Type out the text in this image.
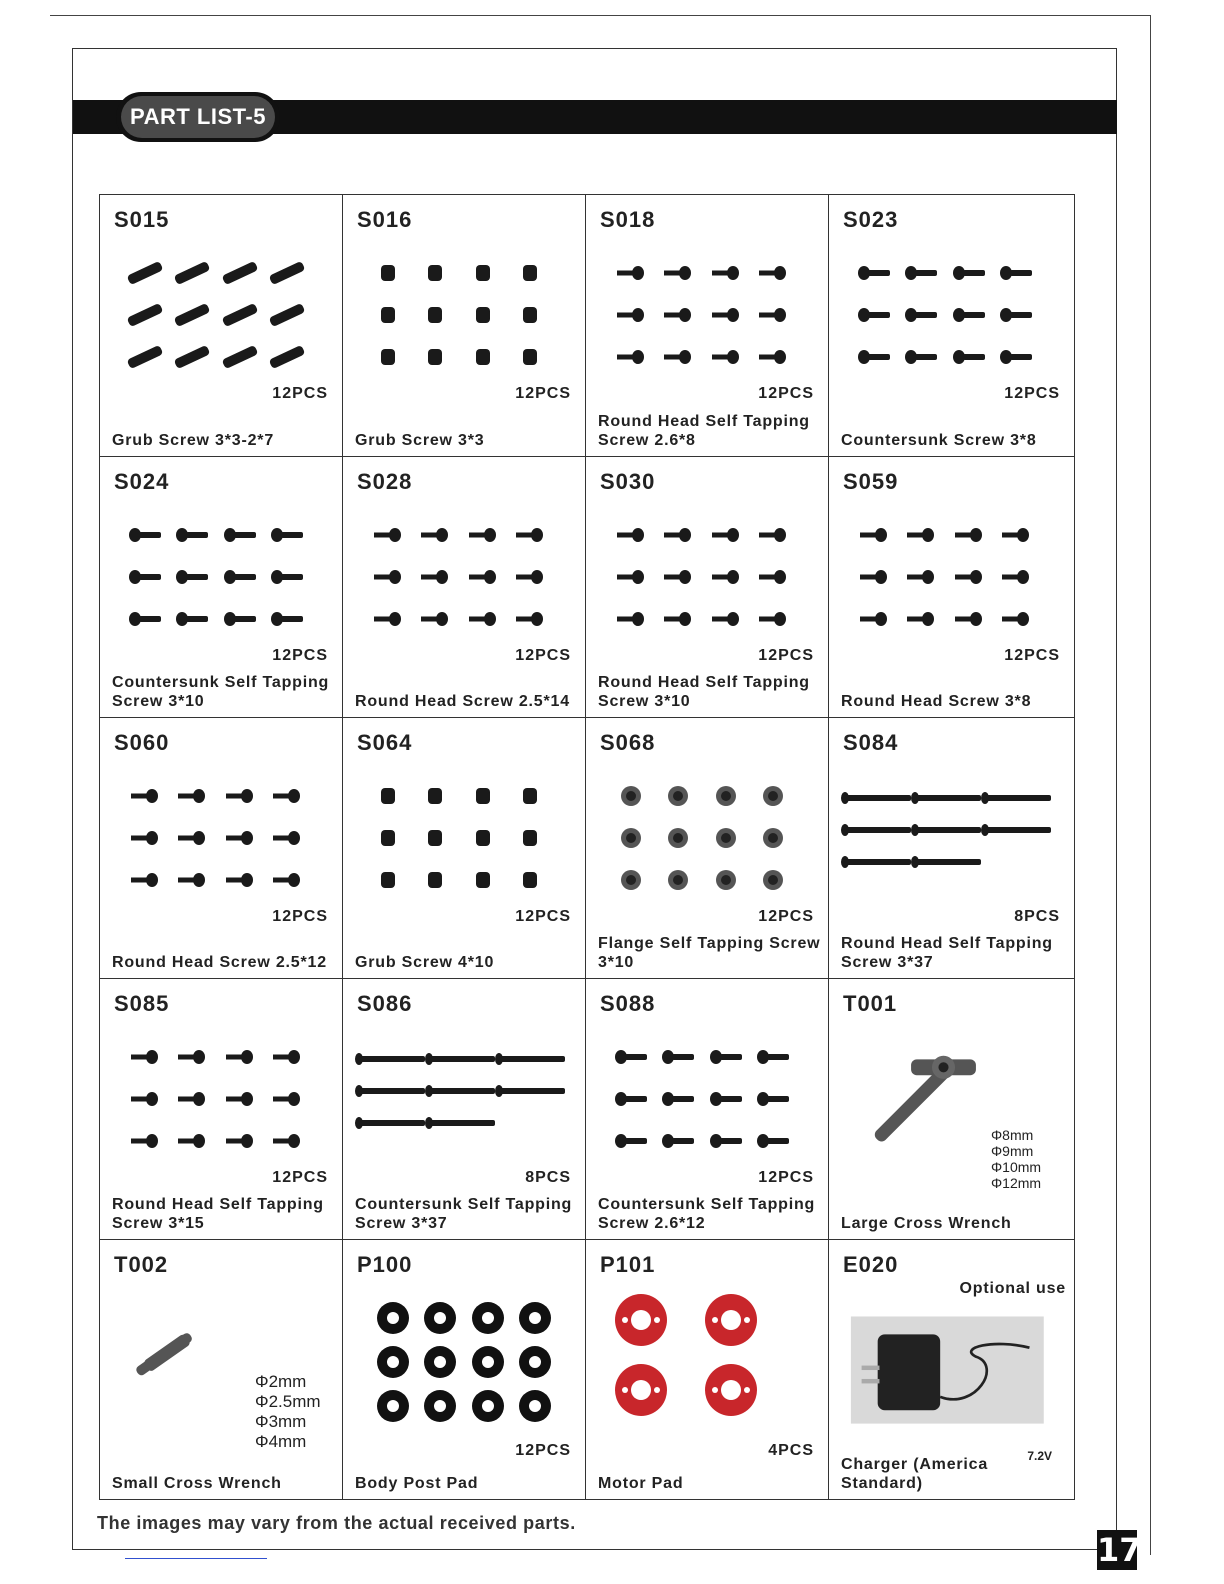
PART LIST-5
S015
12PCS
Grub Screw 3*3-2*7
S016
12PCS
Grub Screw 3*3
S018
12PCS
Round Head Self Tapping Screw 2.6*8
S023
12PCS
Countersunk Screw 3*8
S024
12PCS
Countersunk Self Tapping Screw 3*10
S028
12PCS
Round Head Screw 2.5*14
S030
12PCS
Round Head Self Tapping Screw 3*10
S059
12PCS
Round Head Screw 3*8
S060
12PCS
Round Head Screw 2.5*12
S064
12PCS
Grub Screw 4*10
S068
12PCS
Flange Self Tapping Screw 3*10
S084
8PCS
Round Head Self Tapping Screw 3*37
S085
12PCS
Round Head Self Tapping Screw 3*15
S086
8PCS
Countersunk Self Tapping Screw 3*37
S088
12PCS
Countersunk Self Tapping Screw 2.6*12
T001
Φ8mm
Φ9mm
Φ10mm
Φ12mm
Large Cross Wrench
T002
Φ2mm
Φ2.5mm
Φ3mm
Φ4mm
Small Cross Wrench
P100
12PCS
Body Post Pad
P101
4PCS
Motor Pad
E020
Optional use
7.2V
Charger (America Standard)
The images may vary from the actual received parts.
17
